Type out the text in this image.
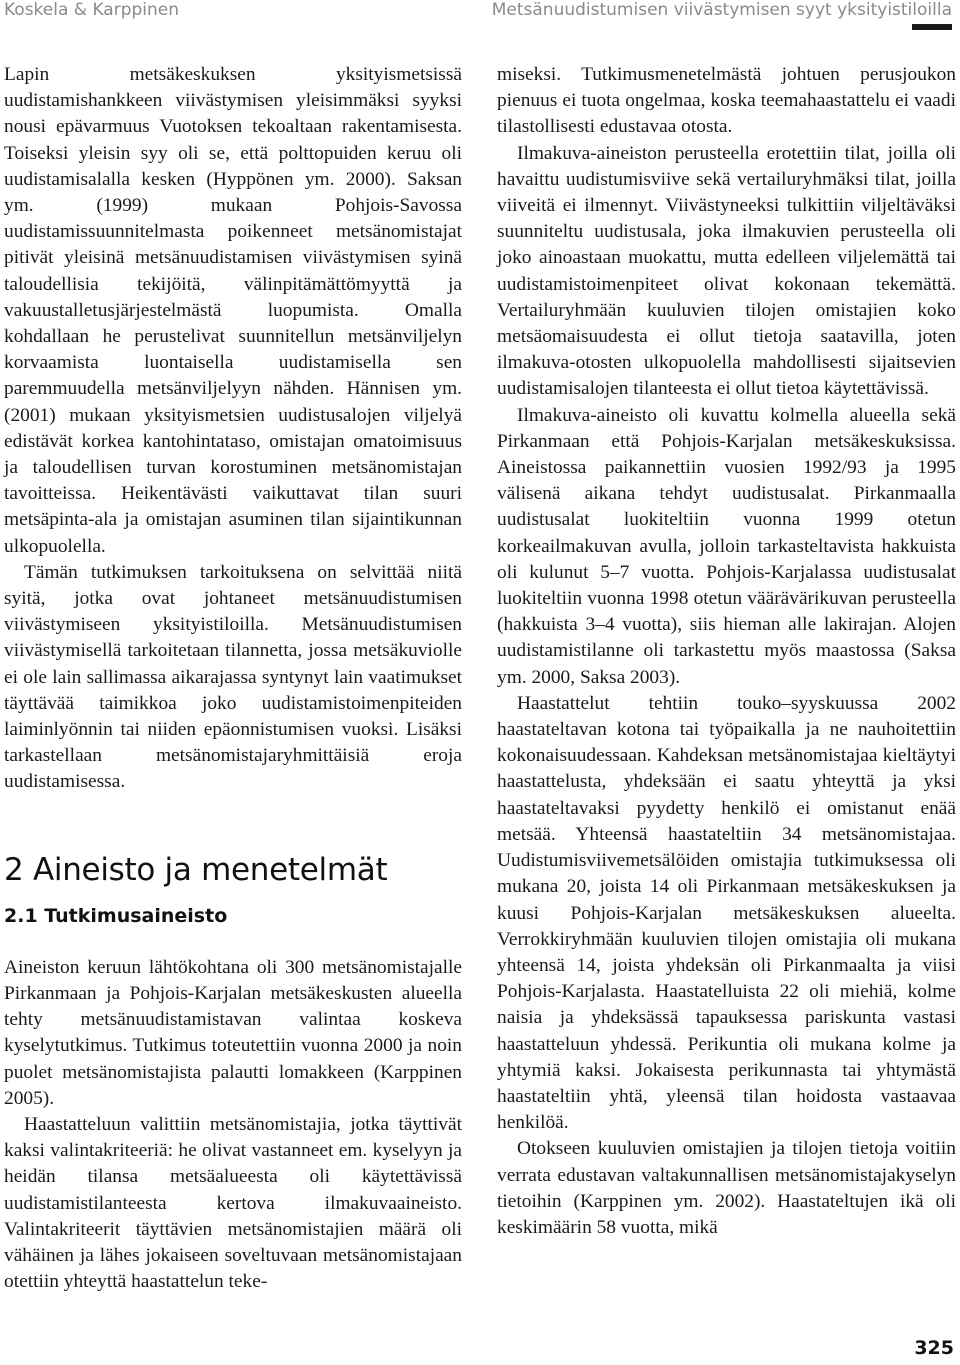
Koskela & Karppinen	Metsänuudistumisen viivästymisen syyt yksityistiloilla

Lapin metsäkeskuksen yksityismetsissä uudistamishankkeen viivästymisen yleisimmäksi syyksi nousi epävarmuus Vuotoksen tekoaltaan rakentamisesta. Toiseksi yleisin syy oli se, että polttopuiden keruu oli uudistamisalalla kesken (Hyppönen ym. 2000). Saksan ym. (1999) mukaan Pohjois-Savossa uudistamissuunnitelmasta poikenneet metsänomistajat pitivät yleisinä metsänuudistamisen viivästymisen syinä taloudellisia tekijöitä, välinpitämättömyyttä ja vakuustalletusjärjestelmästä luopumista. Omalla kohdallaan he perustelivat suunnitellun metsänviljelyn korvaamista luontaisella uudistamisella sen paremmuudella metsänviljelyyn nähden. Hännisen ym. (2001) mukaan yksityismetsien uudistusalojen viljelyä edistävät korkea kantohintataso, omistajan omatoimisuus ja taloudellisen turvan korostuminen metsänomistajan tavoitteissa. Heikentävästi vaikuttavat tilan suuri metsäpinta-ala ja omistajan asuminen tilan sijaintikunnan ulkopuolella.

Tämän tutkimuksen tarkoituksena on selvittää niitä syitä, jotka ovat johtaneet metsänuudistumisen viivästymiseen yksityistiloilla. Metsänuudistumisen viivästymisellä tarkoitetaan tilannetta, jossa metsäkuviolle ei ole lain sallimassa aikarajassa syntynyt lain vaatimukset täyttävää taimikkoa joko uudistamistoimenpiteiden laiminlyönnin tai niiden epäonnistumisen vuoksi. Lisäksi tarkastellaan metsänomistajaryhmittäisiä eroja uudistamisessa.

2 Aineisto ja menetelmät
2.1 Tutkimusaineisto

Aineiston keruun lähtökohtana oli 300 metsänomistajalle Pirkanmaan ja Pohjois-Karjalan metsäkeskusten alueella tehty metsänuudistamistavan valintaa koskeva kyselytutkimus. Tutkimus toteutettiin vuonna 2000 ja noin puolet metsänomistajista palautti lomakkeen (Karppinen 2005).

Haastatteluun valittiin metsänomistajia, jotka täyttivät kaksi valintakriteeriä: he olivat vastanneet em. kyselyyn ja heidän tilansa metsäalueesta oli käytettävissä uudistamistilanteesta kertova ilmakuvaaineisto. Valintakriteerit täyttävien metsänomistajien määrä oli vähäinen ja lähes jokaiseen soveltuvaan metsänomistajaan otettiin yhteyttä haastattelun teke-

miseksi. Tutkimusmenetelmästä johtuen perusjoukon pienuus ei tuota ongelmaa, koska teemahaastattelu ei vaadi tilastollisesti edustavaa otosta.

Ilmakuva-aineiston perusteella erotettiin tilat, joilla oli havaittu uudistumisviive sekä vertailuryhmäksi tilat, joilla viiveitä ei ilmennyt. Viivästyneeksi tulkittiin viljeltäväksi suunniteltu uudistusala, joka ilmakuvien perusteella oli joko ainoastaan muokattu, mutta edelleen viljelemättä tai uudistamistoimenpiteet olivat kokonaan tekemättä. Vertailuryhmään kuuluvien tilojen omistajien koko metsäomaisuudesta ei ollut tietoja saatavilla, joten ilmakuva-otosten ulkopuolella mahdollisesti sijaitsevien uudistamisalojen tilanteesta ei ollut tietoa käytettävissä.

Ilmakuva-aineisto oli kuvattu kolmella alueella sekä Pirkanmaan että Pohjois-Karjalan metsäkeskuksissa. Aineistossa paikannettiin vuosien 1992/93 ja 1995 välisenä aikana tehdyt uudistusalat. Pirkanmaalla uudistusalat luokiteltiin vuonna 1999 otetun korkeailmakuvan avulla, jolloin tarkasteltavista hakkuista oli kulunut 5–7 vuotta. Pohjois-Karjalassa uudistusalat luokiteltiin vuonna 1998 otetun väärävärikuvan perusteella (hakkuista 3–4 vuotta), siis hieman alle lakirajan. Alojen uudistamistilanne oli tarkastettu myös maastossa (Saksa ym. 2000, Saksa 2003).

Haastattelut tehtiin touko–syyskuussa 2002 haastateltavan kotona tai työpaikalla ja ne nauhoitettiin kokonaisuudessaan. Kahdeksan metsänomistajaa kieltäytyi haastattelusta, yhdeksään ei saatu yhteyttä ja yksi haastateltavaksi pyydetty henkilö ei omistanut enää metsää. Yhteensä haastateltiin 34 metsänomistajaa. Uudistumisviivemetsälöiden omistajia tutkimuksessa oli mukana 20, joista 14 oli Pirkanmaan metsäkeskuksen ja kuusi Pohjois-Karjalan metsäkeskuksen alueelta. Verrokkiryhmään kuuluvien tilojen omistajia oli mukana yhteensä 14, joista yhdeksän oli Pirkanmaalta ja viisi Pohjois-Karjalasta. Haastatelluista 22 oli miehiä, kolme naisia ja yhdeksässä tapauksessa pariskunta vastasi haastatteluun yhdessä. Perikuntia oli mukana kolme ja yhtymiä kaksi. Jokaisesta perikunnasta tai yhtymästä haastateltiin yhtä, yleensä tilan hoidosta vastaavaa henkilöä.

Otokseen kuuluvien omistajien ja tilojen tietoja voitiin verrata edustavan valtakunnallisen metsänomistajakyselyn tietoihin (Karppinen ym. 2002). Haastateltujen ikä oli keskimäärin 58 vuotta, mikä

325
